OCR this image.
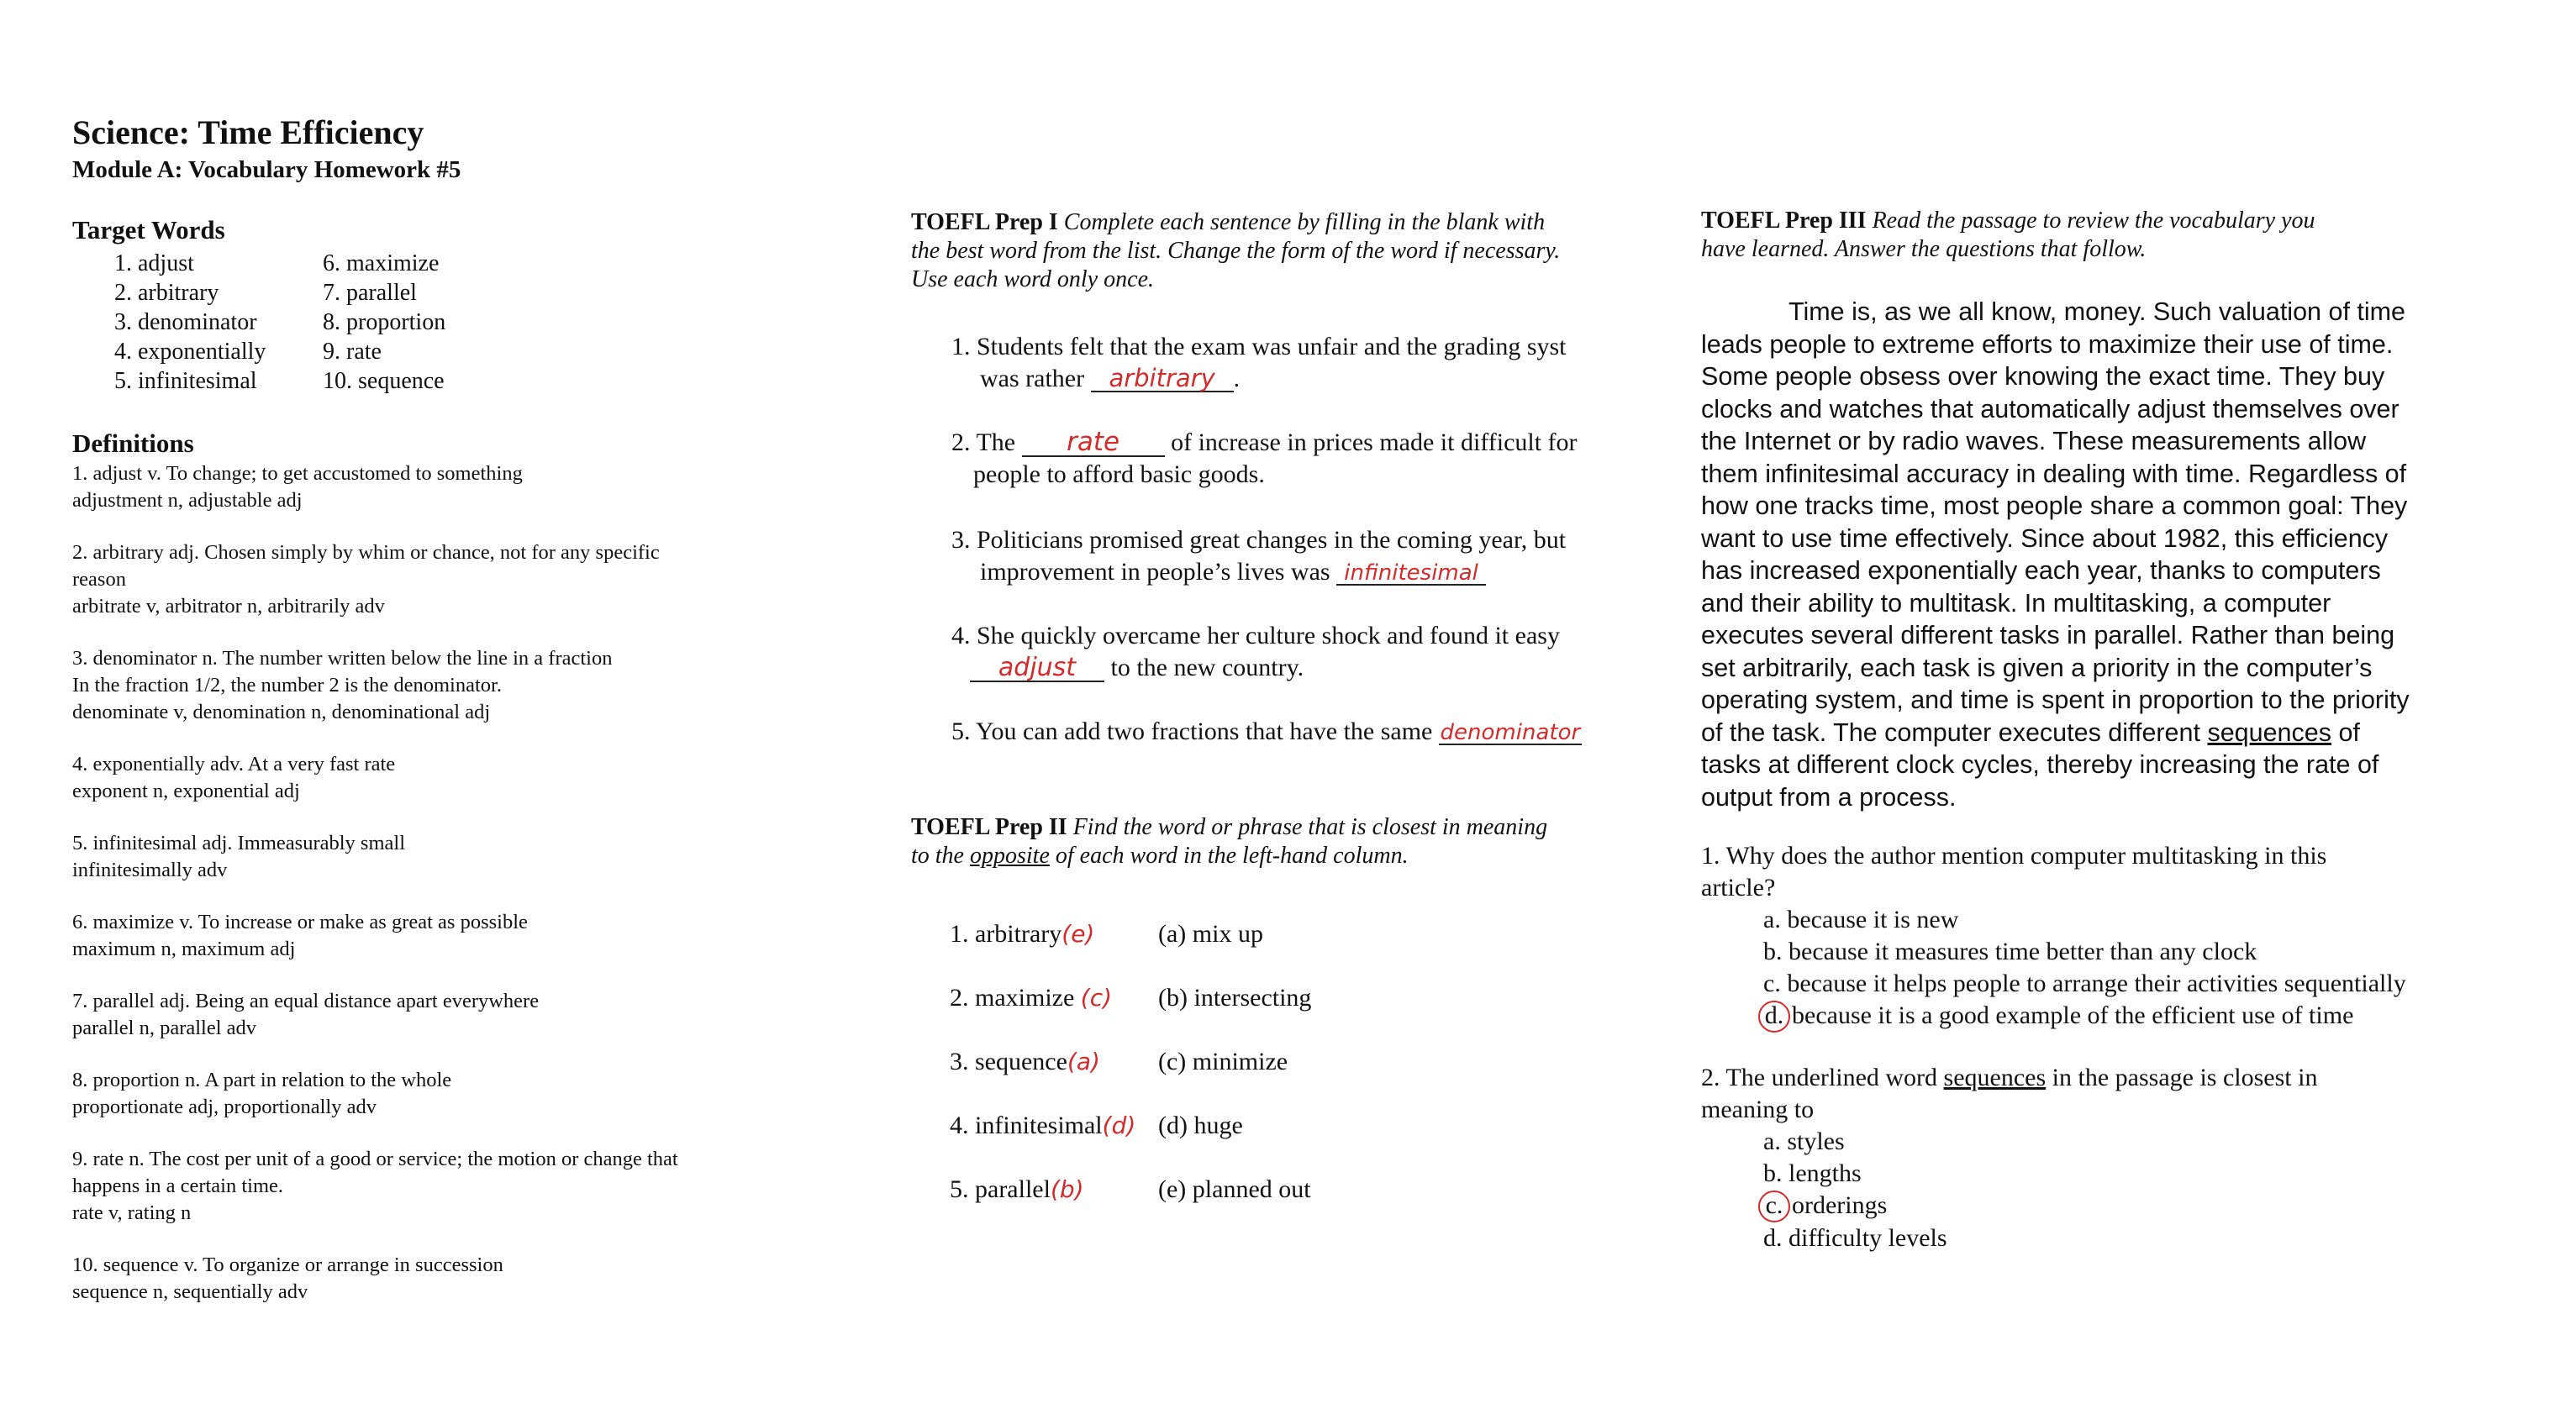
Science: Time Efficiency
Module A: Vocabulary Homework #5
Target Words
1. adjust
2. arbitrary
3. denominator
4. exponentially
5. infinitesimal
6. maximize
7. parallel
8. proportion
9. rate
10. sequence
Definitions
1. adjust v. To change; to get accustomed to something
adjustment n, adjustable adj
2. arbitrary adj. Chosen simply by whim or chance, not for any specific
reason
arbitrate v, arbitrator n, arbitrarily adv
3. denominator n. The number written below the line in a fraction
In the fraction 1/2, the number 2 is the denominator.
denominate v, denomination n, denominational adj
4. exponentially adv. At a very fast rate
exponent n, exponential adj
5. infinitesimal adj. Immeasurably small
infinitesimally adv
6. maximize v. To increase or make as great as possible
maximum n, maximum adj
7. parallel adj. Being an equal distance apart everywhere
parallel n, parallel adv
8. proportion n. A part in relation to the whole
proportionate adj, proportionally adv
9. rate n. The cost per unit of a good or service; the motion or change that
happens in a certain time.
rate v, rating n
10. sequence v. To organize or arrange in succession
sequence n, sequentially adv
TOEFL Prep I Complete each sentence by filling in the blank with
the best word from the list. Change the form of the word if necessary.
Use each word only once.
1. Students felt that the exam was unfair and the grading syst
was rather arbitrary .
2. The rate of increase in prices made it difficult for
people to afford basic goods.
3. Politicians promised great changes in the coming year, but
improvement in people’s lives was infinitesimal
4. She quickly overcame her culture shock and found it easy
adjust to the new country.
5. You can add two fractions that have the same denominator
TOEFL Prep II Find the word or phrase that is closest in meaning
to the opposite of each word in the left-hand column.
1. arbitrary(e)	(a) mix up
2. maximize (c)	(b) intersecting
3. sequence(a)	(c) minimize
4. infinitesimal(d) (d) huge
5. parallel(b)	(e) planned out
TOEFL Prep III Read the passage to review the vocabulary you
have learned. Answer the questions that follow.
Time is, as we all know, money. Such valuation of time
leads people to extreme efforts to maximize their use of time.
Some people obsess over knowing the exact time. They buy
clocks and watches that automatically adjust themselves over
the Internet or by radio waves. These measurements allow
them infinitesimal accuracy in dealing with time. Regardless of
how one tracks time, most people share a common goal: They
want to use time effectively. Since about 1982, this efficiency
has increased exponentially each year, thanks to computers
and their ability to multitask. In multitasking, a computer
executes several different tasks in parallel. Rather than being
set arbitrarily, each task is given a priority in the computer’s
operating system, and time is spent in proportion to the priority
of the task. The computer executes different sequences of
tasks at different clock cycles, thereby increasing the rate of
output from a process.
1. Why does the author mention computer multitasking in this
article?
a. because it is new
b. because it measures time better than any clock
c. because it helps people to arrange their activities sequentially
d. because it is a good example of the efficient use of time
2. The underlined word sequences in the passage is closest in
meaning to
a. styles
b. lengths
c. orderings
d. difficulty levels
